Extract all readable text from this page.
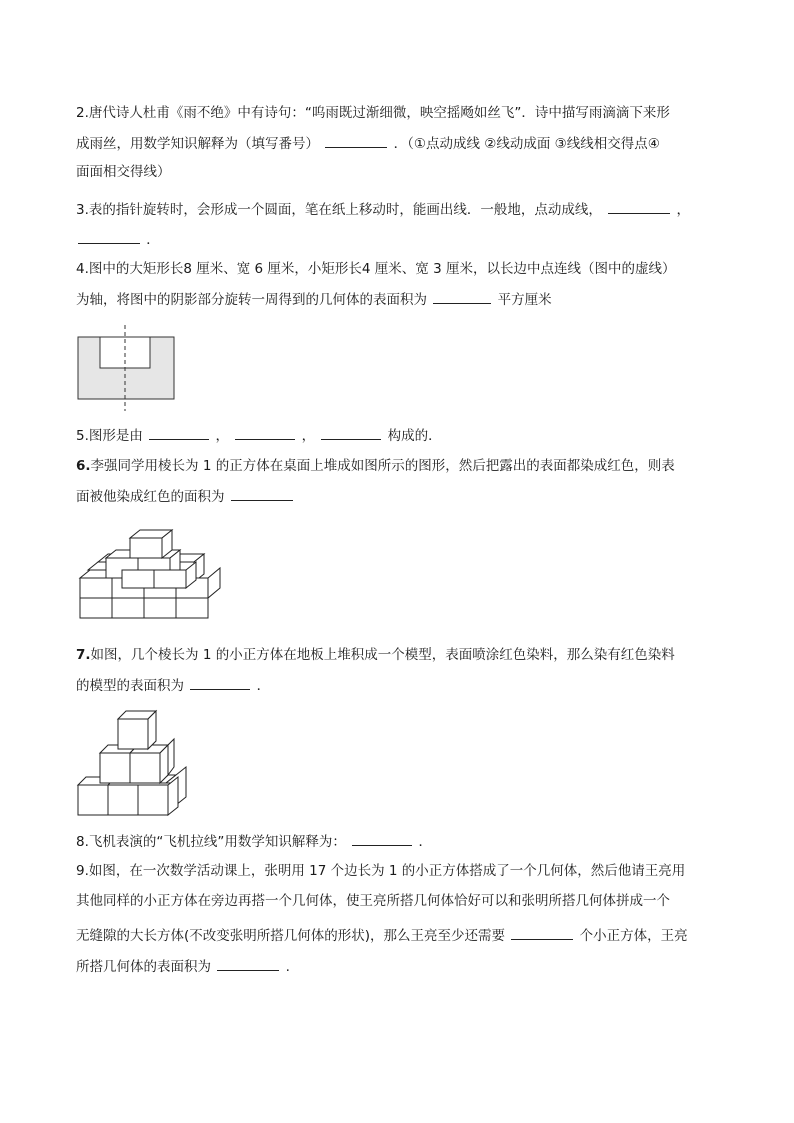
2.唐代诗人杜甫《雨不绝》中有诗句：“呜雨既过渐细微，映空摇飏如丝飞”．诗中描写雨滴滴下来形
成雨丝，用数学知识解释为（填写番号）	．（①点动成线 ②线动成面 ③线线相交得点④
面面相交得线）
3.表的指针旋转时，会形成一个圆面，笔在纸上移动时，能画出线．一般地，点动成线，	，
．
4.图中的大矩形长8 厘米、宽 6 厘米，小矩形长4 厘米、宽 3 厘米，以长边中点连线（图中的虚线）
为轴，将图中的阴影部分旋转一周得到的几何体的表面积为	平方厘米
5.图形是由	，	，	构成的．
6.李强同学用棱长为 1 的正方体在桌面上堆成如图所示的图形，然后把露出的表面都染成红色，则表
面被他染成红色的面积为
7.如图，几个棱长为 1 的小正方体在地板上堆积成一个模型，表面喷涂红色染料，那么染有红色染料
的模型的表面积为	．
8.飞机表演的“飞机拉线”用数学知识解释为：	．
9.如图，在一次数学活动课上，张明用 17 个边长为 1 的小正方体搭成了一个几何体，然后他请王亮用
其他同样的小正方体在旁边再搭一个几何体，使王亮所搭几何体恰好可以和张明所搭几何体拼成一个
无缝隙的大长方体(不改变张明所搭几何体的形状)，那么王亮至少还需要	个小正方体，王亮
所搭几何体的表面积为	.
